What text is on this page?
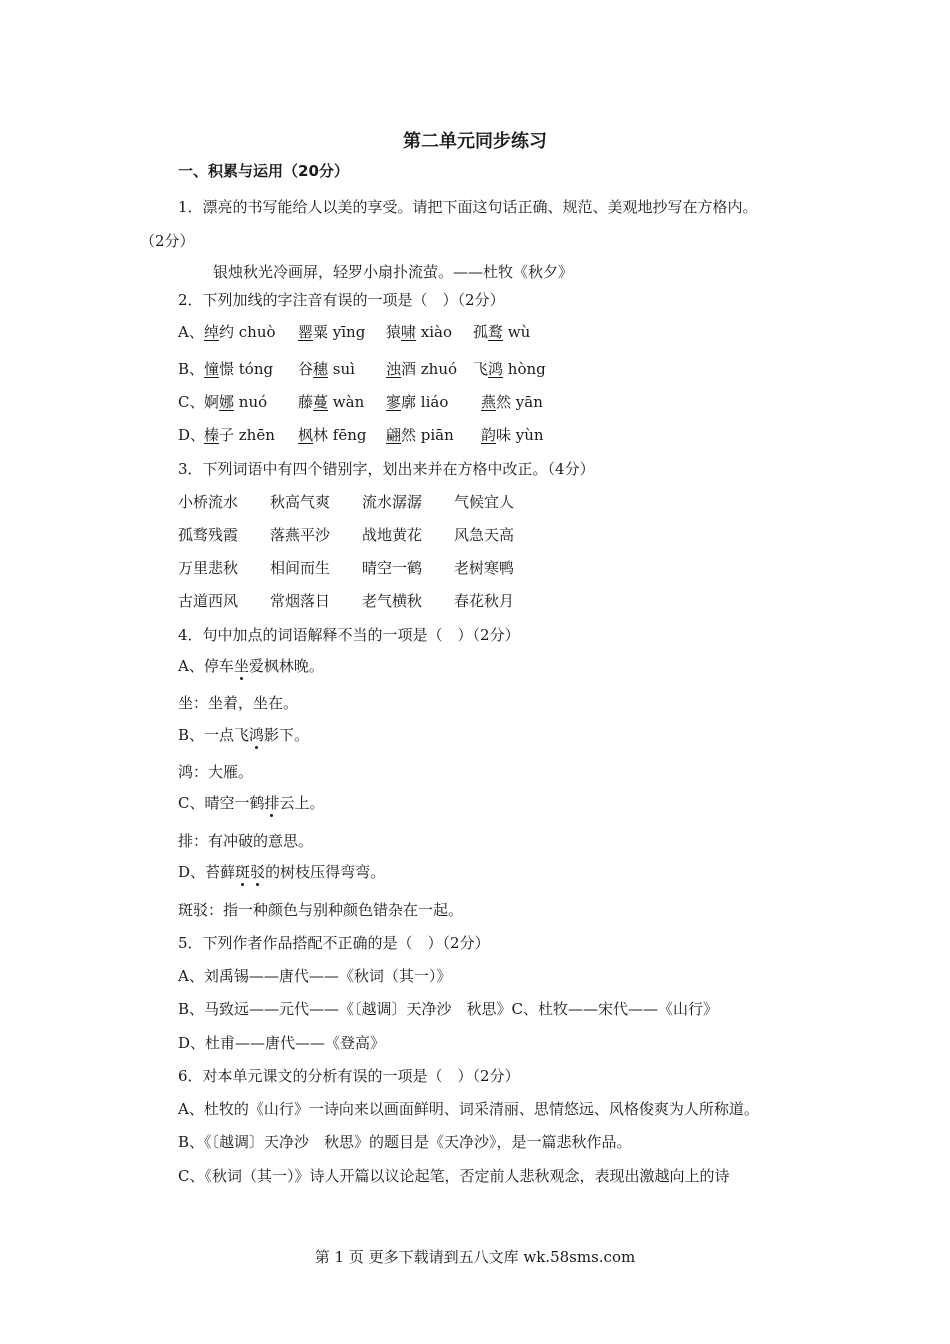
第二单元同步练习
一、积累与运用（20分）
1．漂亮的书写能给人以美的享受。请把下面这句话正确、规范、美观地抄写在方格内。
（2分）
银烛秋光冷画屏，轻罗小扇扑流萤。——杜牧《秋夕》
2．下列加线的字注音有误的一项是（　）（2分）
A、 绰约 chuò 罂粟 yīng 猿啸 xiào 孤鹜 wù
B、 憧憬 tóng 谷穗 suì 浊酒 zhuó 飞鸿 hòng
C、 婀娜 nuó 藤蔓 wàn 寥廓 liáo 燕然 yān
D、
榛子 zhēn 枫林 fēng 翩然 piān 韵味 yùn
3．下列词语中有四个错别字，划出来并在方格中改正。（4分）
小桥流水 秋高气爽 流水潺潺 气候宜人
孤骛残霞 落燕平沙 战地黄花 风急天高
万里悲秋 相间而生 晴空一鹤 老树寒鸭
古道西风 常烟落日 老气横秋 春花秋月
4．句中加点的词语解释不当的一项是（　）（2分）
A、停车坐爱枫林晚。
坐：坐着，坐在。
B、一点飞鸿影下。
鸿：大雁。
C、晴空一鹤排云上。
排：有冲破的意思。
D、苔藓斑驳的树枝压得弯弯。
斑驳：指一种颜色与别种颜色错杂在一起。
5．下列作者作品搭配不正确的是（　）（2分）
A、刘禹锡——唐代——《秋词（其一）》
B、马致远——元代——《〔越调〕天净沙　秋思》C、杜牧——宋代——《山行》
D、杜甫——唐代——《登高》
6．对本单元课文的分析有误的一项是（　）（2分）
A、杜牧的《山行》一诗向来以画面鲜明、词采清丽、思情悠远、风格俊爽为人所称道。
B、《〔越调〕天净沙　秋思》的题目是《天净沙》，是一篇悲秋作品。
C、《秋词（其一）》诗人开篇以议论起笔，否定前人悲秋观念，表现出激越向上的诗
第 1 页 更多下载请到五八文库 wk.58sms.com
